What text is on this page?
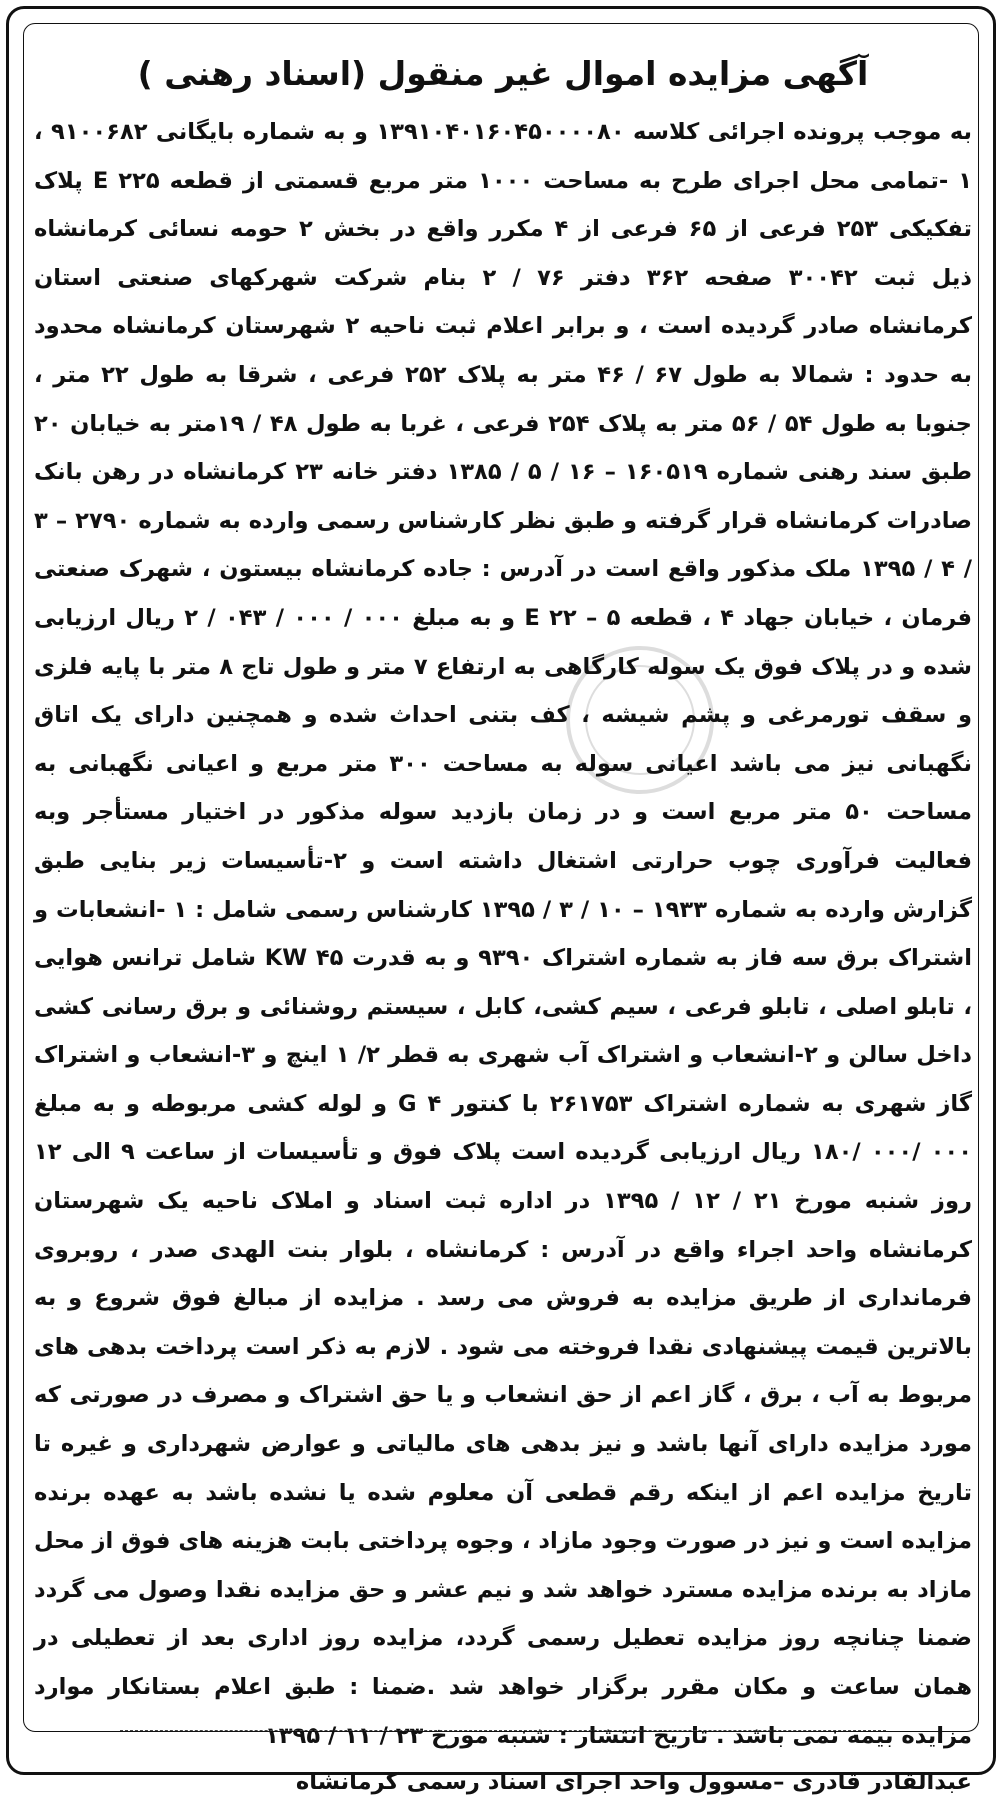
آگهی مزایده اموال غیر منقول (اسناد رهنی )

به موجب پرونده اجرائی کلاسه ۱۳۹۱۰۴۰۱۶۰۴۵۰۰۰۰۸۰ و به شماره بایگانی ۹۱۰۰۶۸۲ ، ۱ -تمامی محل اجرای طرح به مساحت ۱۰۰۰ متر مربع قسمتی از قطعه E ۲۲۵ پلاک تفکیکی ۲۵۳ فرعی از ۶۵ فرعی از ۴ مکرر واقع در بخش ۲ حومه نسائی کرمانشاه ذیل ثبت ۳۰۰۴۲ صفحه ۳۶۲ دفتر ۷۶ / ۲ بنام شرکت شهرکهای صنعتی استان کرمانشاه صادر گردیده است ، و برابر اعلام ثبت ناحیه ۲ شهرستان کرمانشاه محدود به حدود : شمالا به طول ۶۷ / ۴۶ متر به پلاک ۲۵۲ فرعی ، شرقا به طول ۲۲ متر ، جنوبا به طول ۵۴ / ۵۶ متر به پلاک ۲۵۴ فرعی ، غربا به طول ۴۸ / ۱۹متر به خیابان ۲۰ طبق سند رهنی شماره ۱۶۰۵۱۹ – ۱۶ / ۵ / ۱۳۸۵ دفتر خانه ۲۳ کرمانشاه در رهن بانک صادرات کرمانشاه قرار گرفته و طبق نظر کارشناس رسمی وارده به شماره ۲۷۹۰ – ۳ / ۴ / ۱۳۹۵ ملک مذکور واقع است در آدرس : جاده کرمانشاه بیستون ، شهرک صنعتی فرمان ، خیابان جهاد ۴ ، قطعه ۵ – ۲۲ E و به مبلغ ۰۰۰ / ۰۰۰ / ۰۴۳ / ۲ ریال ارزیابی شده و در پلاک فوق یک سوله کارگاهی به ارتفاع ۷ متر و طول تاج ۸ متر با پایه فلزی و سقف تورمرغی و پشم شیشه ، کف بتنی احداث شده و همچنین دارای یک اتاق نگهبانی نیز می باشد اعیانی سوله به مساحت ۳۰۰ متر مربع و اعیانی نگهبانی به مساحت ۵۰ متر مربع است و در زمان بازدید سوله مذکور در اختیار مستأجر وبه فعالیت فرآوری چوب حرارتی اشتغال داشته است و ۲-تأسیسات زیر بنایی طبق گزارش وارده به شماره ۱۹۳۳ – ۱۰ / ۳ / ۱۳۹۵ کارشناس رسمی شامل : ۱ -انشعابات و اشتراک برق سه فاز به شماره اشتراک ۹۳۹۰ و به قدرت KW ۴۵ شامل ترانس هوایی ، تابلو اصلی ، تابلو فرعی ، سیم کشی، کابل ، سیستم روشنائی و برق رسانی کشی داخل سالن و ۲-انشعاب و اشتراک آب شهری به قطر ۲/ ۱ اینچ و ۳-انشعاب و اشتراک گاز شهری به شماره اشتراک ۲۶۱۷۵۳ با کنتور G ۴ و لوله کشی مربوطه و به مبلغ ۰۰۰ /۰۰۰ /۱۸۰ ریال ارزیابی گردیده است پلاک فوق و تأسیسات از ساعت ۹ الی ۱۲ روز شنبه مورخ ۲۱ / ۱۲ / ۱۳۹۵ در اداره ثبت اسناد و املاک ناحیه یک شهرستان کرمانشاه واحد اجراء واقع در آدرس : کرمانشاه ، بلوار بنت الهدی صدر ، روبروی فرمانداری از طریق مزایده به فروش می رسد . مزایده از مبالغ فوق شروع و به بالاترین قیمت پیشنهادی نقدا فروخته می شود . لازم به ذکر است پرداخت بدهی های مربوط به آب ، برق ، گاز اعم از حق انشعاب و یا حق اشتراک و مصرف در صورتی که مورد مزایده دارای آنها باشد و نیز بدهی های مالیاتی و عوارض شهرداری و غیره تا تاریخ مزایده اعم از اینکه رقم قطعی آن معلوم شده یا نشده باشد به عهده برنده مزایده است و نیز در صورت وجود مازاد ، وجوه پرداختی بابت هزینه های فوق از محل مازاد به برنده مزایده مسترد خواهد شد و نیم عشر و حق مزایده نقدا وصول می گردد ضمنا چنانچه روز مزایده تعطیل رسمی گردد، مزایده روز اداری بعد از تعطیلی در همان ساعت و مکان مقرر برگزار خواهد شد .ضمنا : طبق اعلام بستانکار موارد مزایده بیمه نمی باشد . تاریخ انتشار : شنبه مورخ ۲۳ / ۱۱ / ۱۳۹۵

عبدالقادر قادری –مسوول واحد اجرای اسناد رسمی کرمانشاه
